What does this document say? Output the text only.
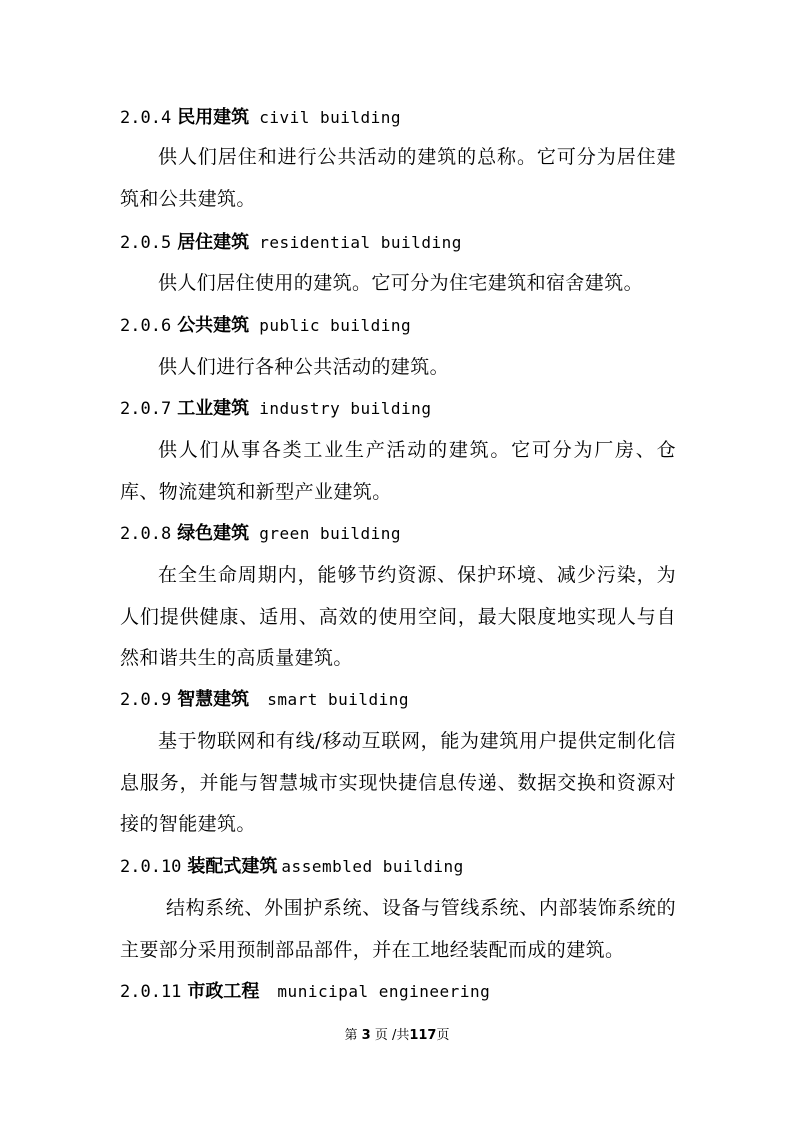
2.0.4 民用建筑 civil building
供人们居住和进行公共活动的建筑的总称。它可分为居住建筑和公共建筑。
2.0.5 居住建筑 residential building
供人们居住使用的建筑。它可分为住宅建筑和宿舍建筑。
2.0.6 公共建筑 public building
供人们进行各种公共活动的建筑。
2.0.7 工业建筑 industry building
供人们从事各类工业生产活动的建筑。它可分为厂房、仓库、物流建筑和新型产业建筑。
2.0.8 绿色建筑 green building
在全生命周期内，能够节约资源、保护环境、减少污染，为人们提供健康、适用、高效的使用空间，最大限度地实现人与自然和谐共生的高质量建筑。
2.0.9 智慧建筑 smart building
基于物联网和有线/移动互联网，能为建筑用户提供定制化信息服务，并能与智慧城市实现快捷信息传递、数据交换和资源对接的智能建筑。
2.0.10 装配式建筑 assembled building
结构系统、外围护系统、设备与管线系统、内部装饰系统的主要部分采用预制部品部件，并在工地经装配而成的建筑。
2.0.11 市政工程 municipal engineering
第 3 页 /共117页
